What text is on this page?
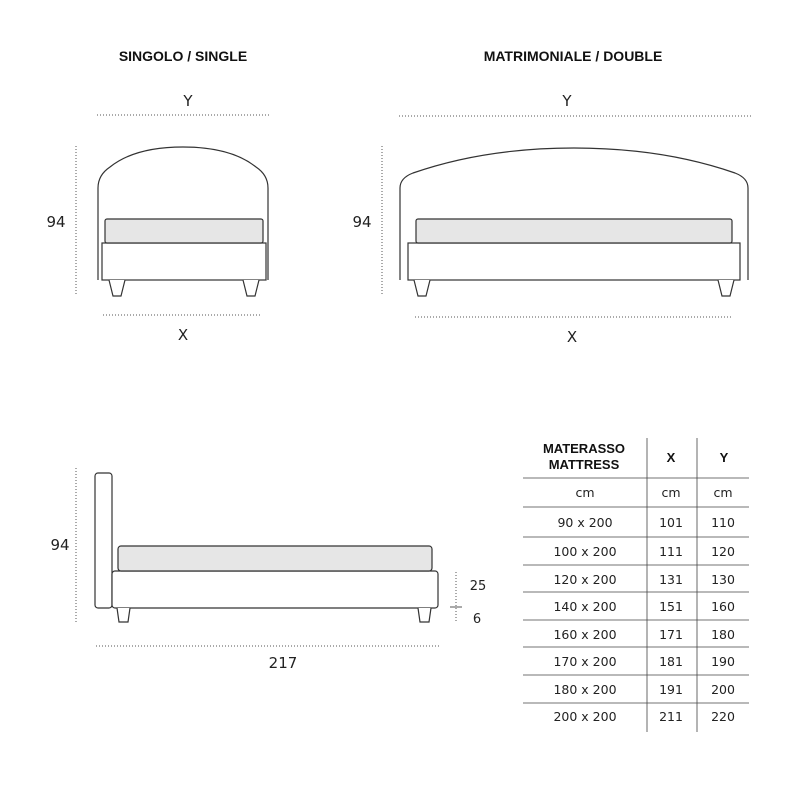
SINGOLO / SINGLE
Y
94
X
MATRIMONIALE / DOUBLE
Y
94
X
94
25
6
217
MATERASSO
MATTRESS	X	Y
cm	cm	cm
90 x 200	101 110
100 x 200	111 120
120 x 200	131 130
140 x 200	151 160
160 x 200	171 180
170 x 200	181 190
180 x 200	191 200
200 x 200	211 220
